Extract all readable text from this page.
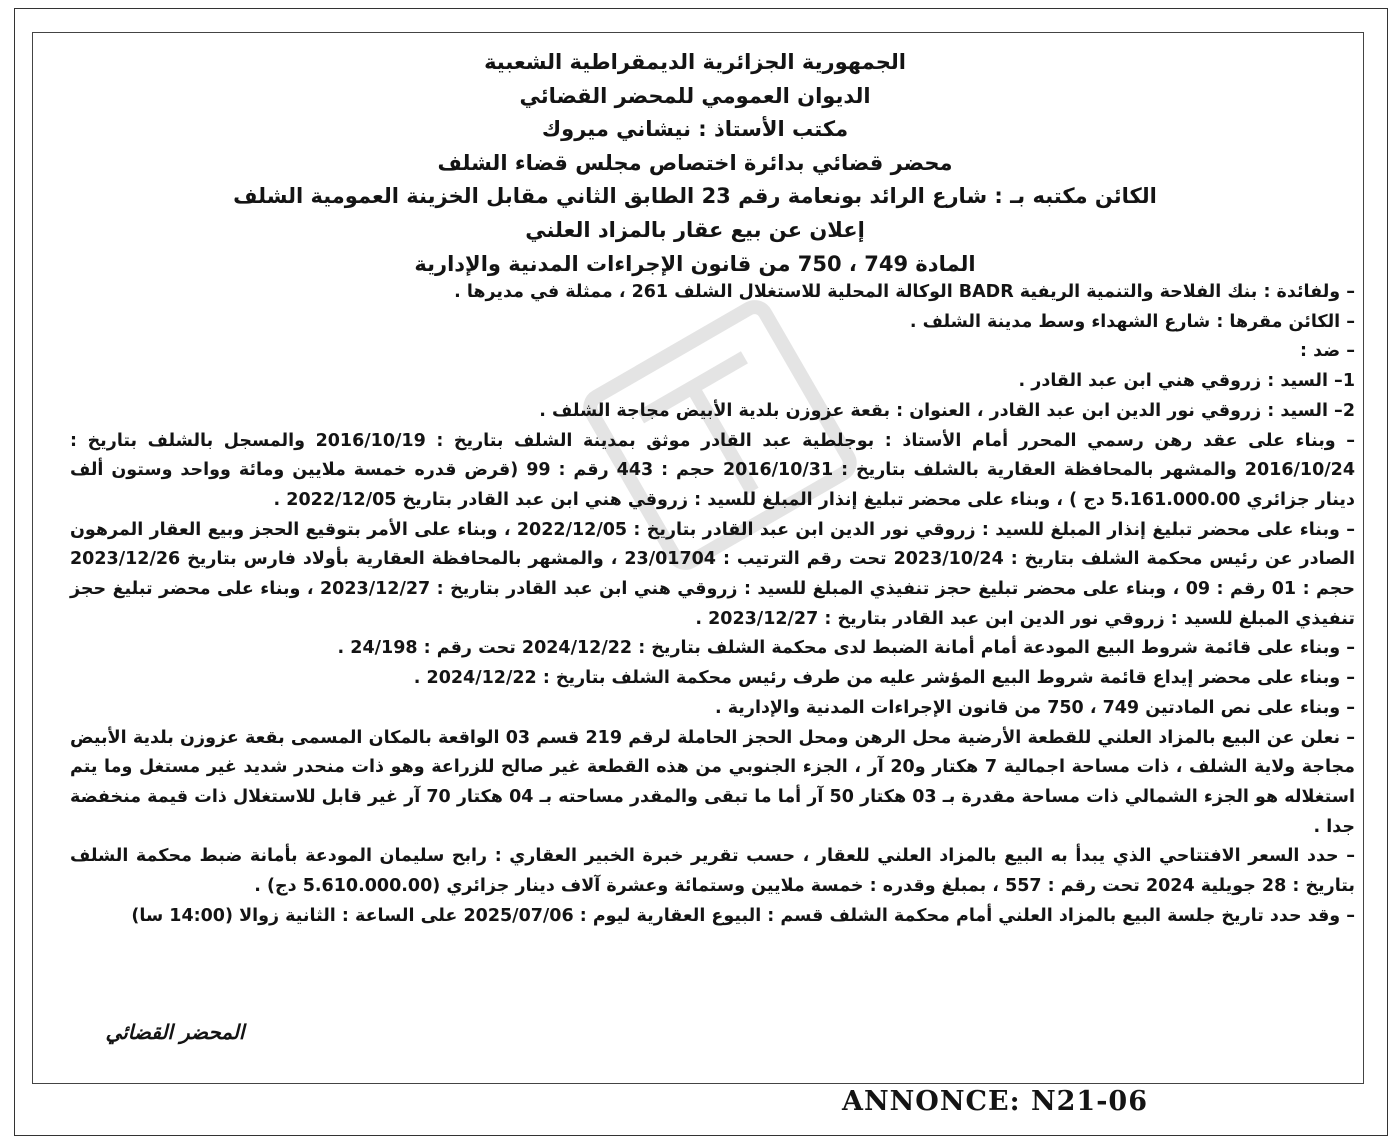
الجمهورية الجزائرية الديمقراطية الشعبية
الديوان العمومي للمحضر القضائي
مكتب الأستاذ : نيشاني ميروك
محضر قضائي بدائرة اختصاص مجلس قضاء الشلف
الكائن مكتبه بـ : شارع الرائد بونعامة رقم 23 الطابق الثاني مقابل الخزينة العمومية الشلف
إعلان عن بيع عقار بالمزاد العلني
المادة 749 ، 750 من قانون الإجراءات المدنية والإدارية

– ولفائدة : بنك الفلاحة والتنمية الريفية BADR الوكالة المحلية للاستغلال الشلف 261 ، ممثلة في مديرها .

– الكائن مقرها : شارع الشهداء وسط مدينة الشلف .

– ضد :

1– السيد : زروقي هني ابن عبد القادر .

2– السيد : زروقي نور الدين ابن عبد القادر ، العنوان : بقعة عزوزن بلدية الأبيض مجاجة الشلف .

– وبناء على عقد رهن رسمي المحرر أمام الأستاذ : بوجلطية عبد القادر موثق بمدينة الشلف بتاريخ : 2016/10/19 والمسجل بالشلف بتاريخ : 2016/10/24 والمشهر بالمحافظة العقارية بالشلف بتاريخ : 2016/10/31 حجم : 443 رقم : 99 (قرض قدره خمسة ملايين ومائة وواحد وستون ألف دينار جزائري 5.161.000.00 دج ) ، وبناء على محضر تبليغ إنذار المبلغ للسيد : زروقي هني ابن عبد القادر بتاريخ 2022/12/05 .

– وبناء على محضر تبليغ إنذار المبلغ للسيد : زروقي نور الدين ابن عبد القادر بتاريخ : 2022/12/05 ، وبناء على الأمر بتوقيع الحجز وبيع العقار المرهون الصادر عن رئيس محكمة الشلف بتاريخ : 2023/10/24 تحت رقم الترتيب : 23/01704 ، والمشهر بالمحافظة العقارية بأولاد فارس بتاريخ 2023/12/26 حجم : 01 رقم : 09 ، وبناء على محضر تبليغ حجز تنفيذي المبلغ للسيد : زروقي هني ابن عبد القادر بتاريخ : 2023/12/27 ، وبناء على محضر تبليغ حجز تنفيذي المبلغ للسيد : زروقي نور الدين ابن عبد القادر بتاريخ : 2023/12/27 .

– وبناء على قائمة شروط البيع المودعة أمام أمانة الضبط لدى محكمة الشلف بتاريخ : 2024/12/22 تحت رقم : 24/198 .

– وبناء على محضر إيداع قائمة شروط البيع المؤشر عليه من طرف رئيس محكمة الشلف بتاريخ : 2024/12/22 .

– وبناء على نص المادتين 749 ، 750 من قانون الإجراءات المدنية والإدارية .

– نعلن عن البيع بالمزاد العلني للقطعة الأرضية محل الرهن ومحل الحجز الحاملة لرقم 219 قسم 03 الواقعة بالمكان المسمى بقعة عزوزن بلدية الأبيض مجاجة ولاية الشلف ، ذات مساحة اجمالية 7 هكتار و20 آر ، الجزء الجنوبي من هذه القطعة غير صالح للزراعة وهو ذات منحدر شديد غير مستغل وما يتم استغلاله هو الجزء الشمالي ذات مساحة مقدرة بـ 03 هكتار 50 آر أما ما تبقى والمقدر مساحته بـ 04 هكتار 70 آر غير قابل للاستغلال ذات قيمة منخفضة جدا .

– حدد السعر الافتتاحي الذي يبدأ به البيع بالمزاد العلني للعقار ، حسب تقرير خبرة الخبير العقاري : رابح سليمان المودعة بأمانة ضبط محكمة الشلف بتاريخ : 28 جويلية 2024 تحت رقم : 557 ، بمبلغ وقدره : خمسة ملايين وستمائة وعشرة آلاف دينار جزائري (5.610.000.00 دج) .

– وقد حدد تاريخ جلسة البيع بالمزاد العلني أمام محكمة الشلف قسم : البيوع العقارية ليوم : 2025/07/06 على الساعة : الثانية زوالا (14:00 سا)

المحضر القضائي
ANNONCE: N21-06
